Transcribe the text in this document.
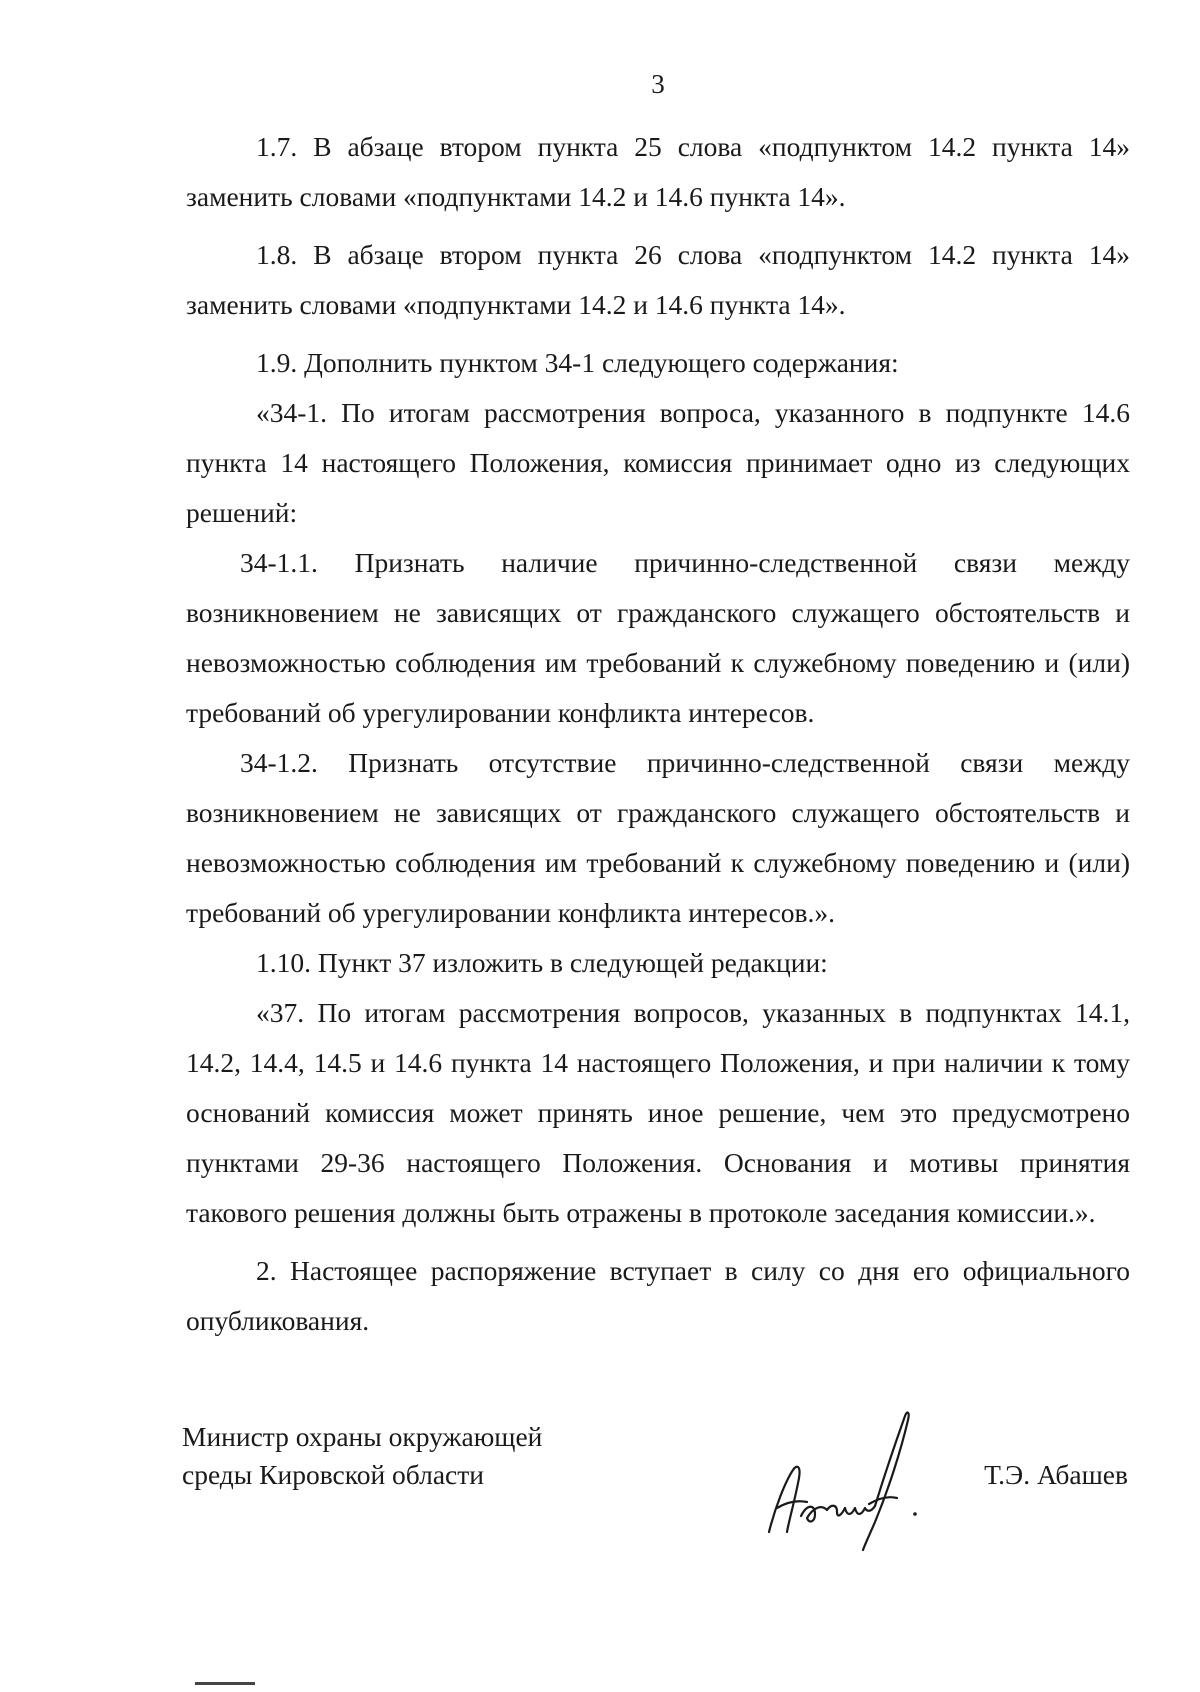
3

1.7. В абзаце втором пункта 25 слова «подпунктом 14.2 пункта 14» заменить словами «подпунктами 14.2 и 14.6 пункта 14».

1.8. В абзаце втором пункта 26 слова «подпунктом 14.2 пункта 14» заменить словами «подпунктами 14.2 и 14.6 пункта 14».

1.9. Дополнить пунктом 34-1 следующего содержания:

«34-1. По итогам рассмотрения вопроса, указанного в подпункте 14.6 пункта 14 настоящего Положения, комиссия принимает одно из следующих решений:

34-1.1. Признать наличие причинно-следственной связи между возникновением не зависящих от гражданского служащего обстоятельств и невозможностью соблюдения им требований к служебному поведению и (или) требований об урегулировании конфликта интересов.

34-1.2. Признать отсутствие причинно-следственной связи между возникновением не зависящих от гражданского служащего обстоятельств и невозможностью соблюдения им требований к служебному поведению и (или) требований об урегулировании конфликта интересов.».

1.10. Пункт 37 изложить в следующей редакции:

«37. По итогам рассмотрения вопросов, указанных в подпунктах 14.1, 14.2, 14.4, 14.5 и 14.6 пункта 14 настоящего Положения, и при наличии к тому оснований комиссия может принять иное решение, чем это предусмотрено пунктами 29-36 настоящего Положения. Основания и мотивы принятия такового решения должны быть отражены в протоколе заседания комиссии.».

2. Настоящее распоряжение вступает в силу со дня его официального опубликования.

Министр охраны окружающей
среды Кировской области	Т.Э. Абашев
